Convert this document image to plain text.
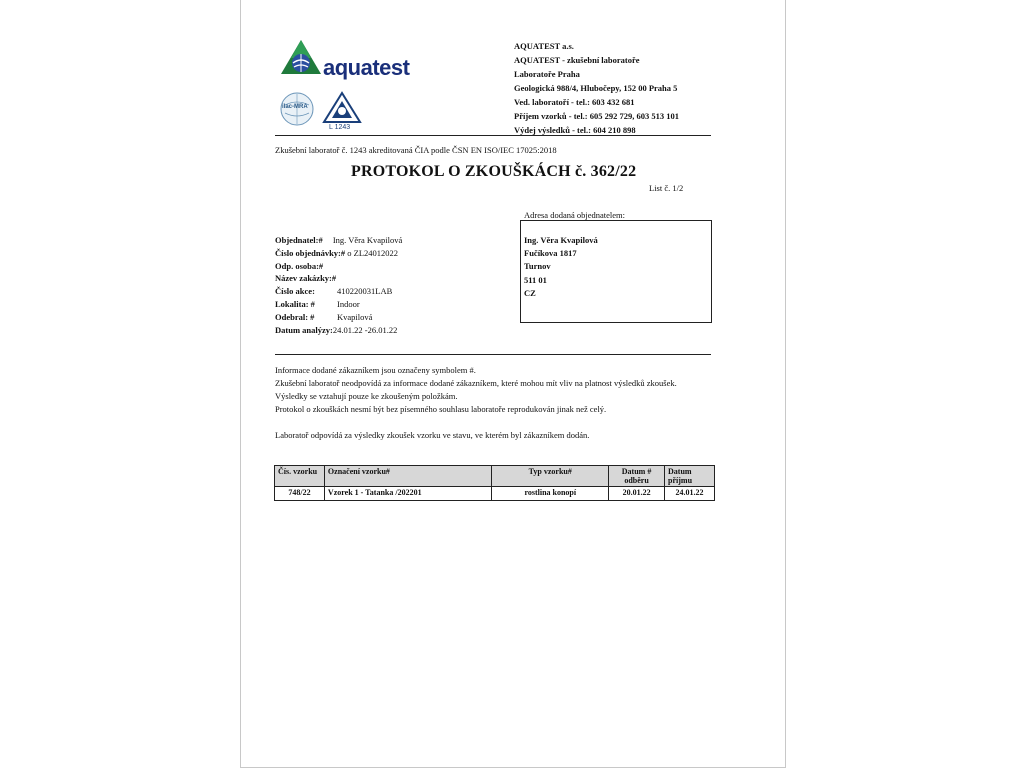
aquatest
ilac-MRA
L 1243
AQUATEST a.s.
AQUATEST - zkušební laboratoře
Laboratoře Praha
Geologická 988/4, Hlubočepy, 152 00 Praha 5
Ved. laboratoří - tel.: 603 432 681
Příjem vzorků - tel.: 605 292 729, 603 513 101
Výdej výsledků - tel.: 604 210 898
Zkušební laboratoř č. 1243 akreditovaná ČIA podle ČSN EN ISO/IEC 17025:2018
PROTOKOL O ZKOUŠKÁCH č. 362/22
List č. 1/2
Adresa dodaná objednatelem:
Ing. Věra Kvapilová
Fučíkova 1817
Turnov
511 01
CZ
Objednatel:# Ing. Věra Kvapilová
Číslo objednávky:# o ZL24012022
Odp. osoba:#
Název zakázky:#
Číslo akce:	410220031LAB
Lokalita: #	Indoor
Odebral: #	Kvapilová
Datum analýzy:24.01.22 -26.01.22
Informace dodané zákazníkem jsou označeny symbolem #.
Zkušební laboratoř neodpovídá za informace dodané zákazníkem, které mohou mít vliv na platnost výsledků zkoušek.
Výsledky se vztahují pouze ke zkoušeným položkám.
Protokol o zkouškách nesmí být bez písemného souhlasu laboratoře reprodukován jinak než celý.
Laboratoř odpovídá za výsledky zkoušek vzorku ve stavu, ve kterém byl zákazníkem dodán.
Čís. vzorku	Označení vzorku#	Typ vzorku#	Datum # odběru	Datum příjmu
748/22	Vzorek 1 - Tatanka /202201	rostlina konopí	20.01.22	24.01.22
